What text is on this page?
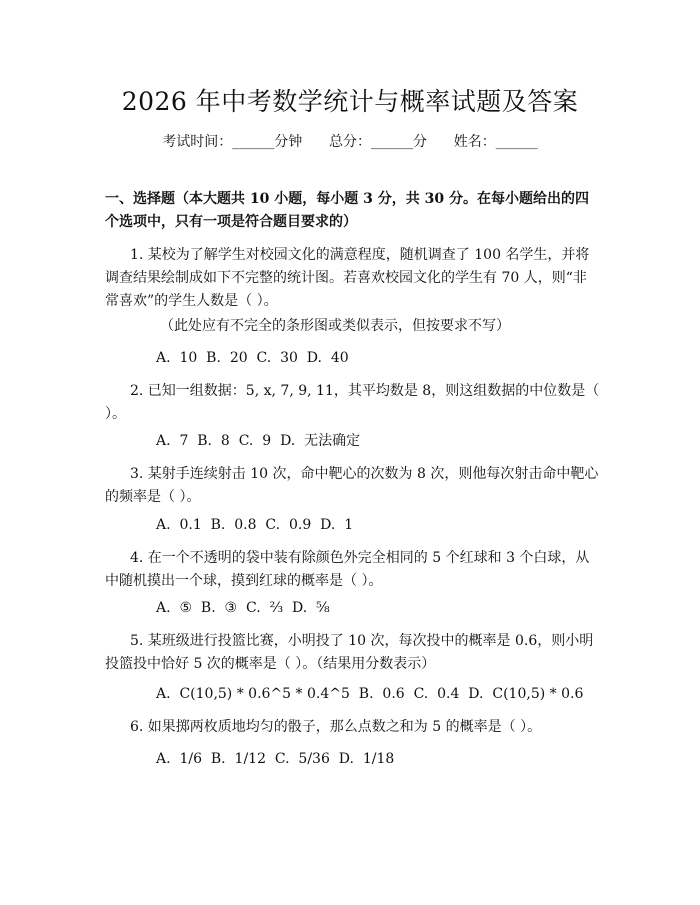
2026 年中考数学统计与概率试题及答案
考试时间：______分钟      总分：______分      姓名：______
一、选择题（本大题共 10 小题，每小题 3 分，共 30 分。在每小题给出的四个选项中，只有一项是符合题目要求的）
1. 某校为了解学生对校园文化的满意程度，随机调查了 100 名学生，并将调查结果绘制成如下不完整的统计图。若喜欢校园文化的学生有 70 人，则“非常喜欢”的学生人数是（ ）。
（此处应有不完全的条形图或类似表示，但按要求不写）
A.  10  B.  20  C.  30  D.  40
2. 已知一组数据：5, x, 7, 9, 11，其平均数是 8，则这组数据的中位数是（ ）。
A.  7  B.  8  C.  9  D.  无法确定
3. 某射手连续射击 10 次，命中靶心的次数为 8 次，则他每次射击命中靶心的频率是（ ）。
A.  0.1  B.  0.8  C.  0.9  D.  1
4. 在一个不透明的袋中装有除颜色外完全相同的 5 个红球和 3 个白球，从中随机摸出一个球，摸到红球的概率是（ ）。
A.  ⑤  B.  ③  C.  ⅔  D.  ⅝
5. 某班级进行投篮比赛，小明投了 10 次，每次投中的概率是 0.6，则小明投篮投中恰好 5 次的概率是（ ）。（结果用分数表示）
A.  C(10,5) * 0.6^5 * 0.4^5  B.  0.6  C.  0.4  D.  C(10,5) * 0.6
6. 如果掷两枚质地均匀的骰子，那么点数之和为 5 的概率是（ ）。
A.  1/6  B.  1/12  C.  5/36  D.  1/18
